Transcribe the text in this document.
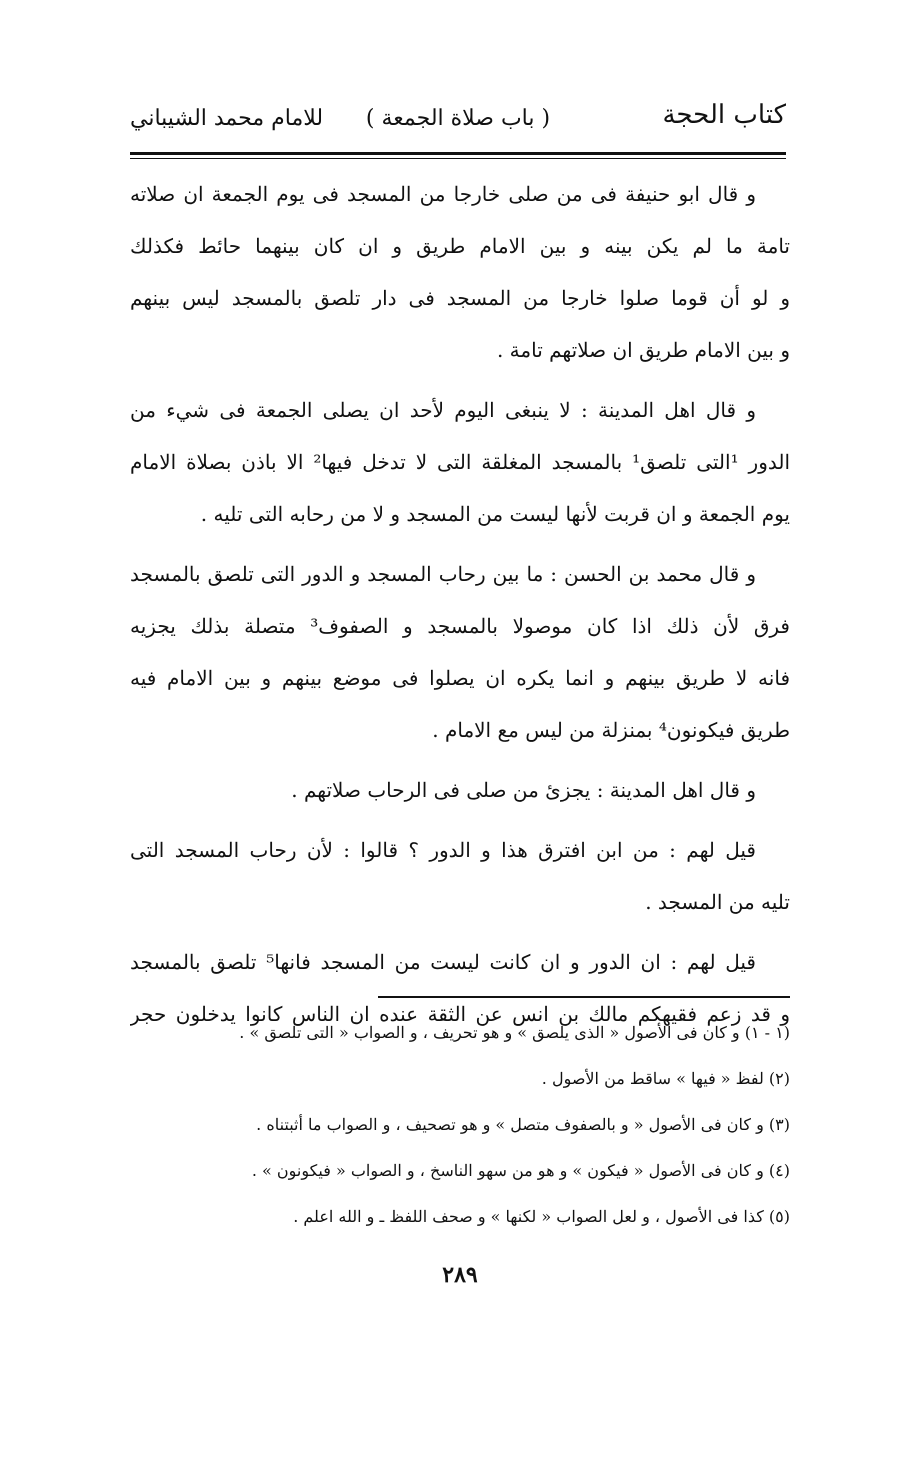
كتاب الحجة
( باب صلاة الجمعة )
للامام محمد الشيباني
و قال ابو حنيفة فى من صلى خارجا من المسجد فى يوم الجمعة ان صلاته
تامة ما لم يكن بينه و بين الامام طريق و ان كان بينهما حائط فكذلك
و لو أن قوما صلوا خارجا من المسجد فى دار تلصق بالمسجد ليس بينهم
و بين الامام طريق ان صلاتهم تامة .
و قال اهل المدينة : لا ينبغى اليوم لأحد ان يصلى الجمعة فى شيء من
الدور ¹التى تلصق¹ بالمسجد المغلقة التى لا تدخل فيها² الا باذن بصلاة الامام
يوم الجمعة و ان قربت لأنها ليست من المسجد و لا من رحابه التى تليه .
و قال محمد بن الحسن : ما بين رحاب المسجد و الدور التى تلصق بالمسجد
فرق لأن ذلك اذا كان موصولا بالمسجد و الصفوف³ متصلة بذلك يجزيه
فانه لا طريق بينهم و انما يكره ان يصلوا فى موضع بينهم و بين الامام فيه
طريق فيكونون⁴ بمنزلة من ليس مع الامام .
و قال اهل المدينة : يجزئ من صلى فى الرحاب صلاتهم .
قيل لهم : من ابن افترق هذا و الدور ؟ قالوا : لأن رحاب المسجد التى
تليه من المسجد .
قيل لهم : ان الدور و ان كانت ليست من المسجد فانها⁵ تلصق بالمسجد
و قد زعم فقيهكم مالك بن انس عن الثقة عنده ان الناس كانوا يدخلون حجر
(١ - ١) و كان فى الأصول « الذى يلصق » و هو تحريف ، و الصواب « التى تلصق » .
(٢) لفظ « فيها » ساقط من الأصول .
(٣) و كان فى الأصول « و بالصفوف متصل » و هو تصحيف ، و الصواب ما أثبتناه .
(٤) و كان فى الأصول « فيكون » و هو من سهو الناسخ ، و الصواب « فيكونون » .
(٥) كذا فى الأصول ، و لعل الصواب « لكنها » و صحف اللفظ ـ و الله اعلم .
٢٨٩
